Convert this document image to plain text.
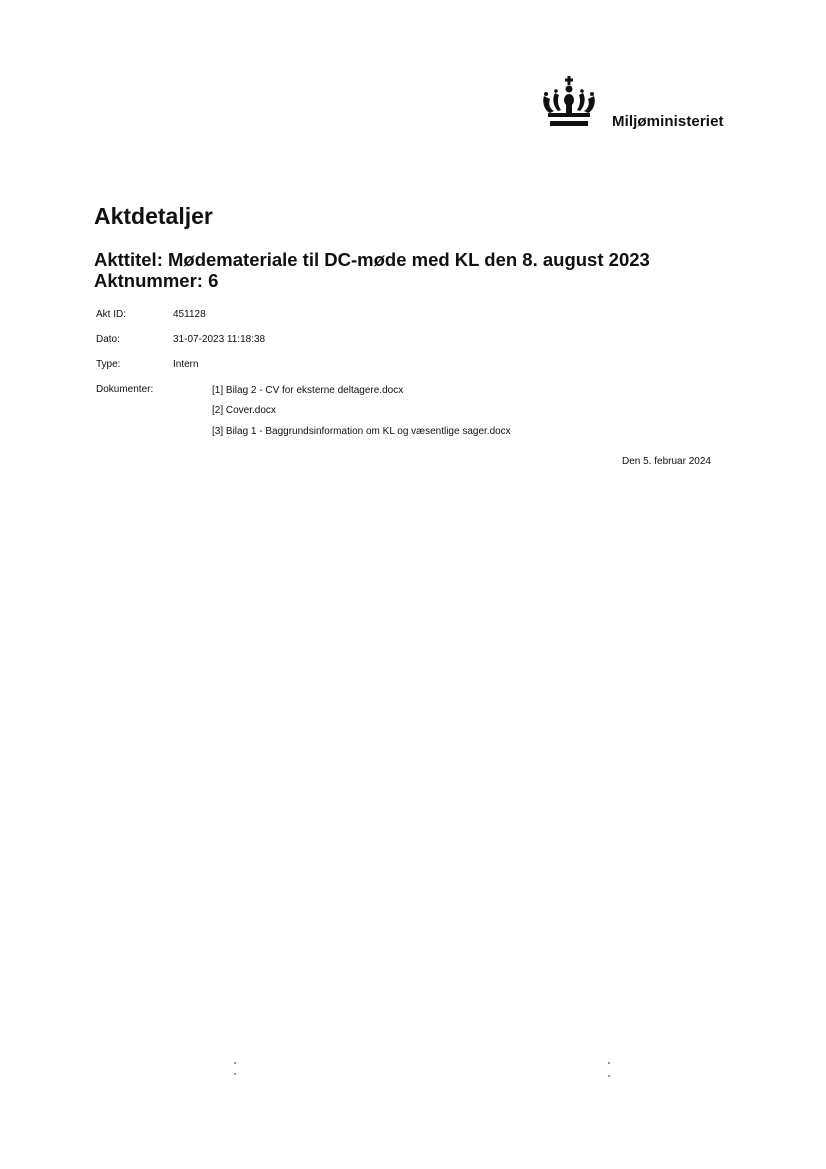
Miljøministeriet
Aktdetaljer
Akttitel: Mødemateriale til DC-møde med KL den 8. august 2023
Aktnummer: 6
Akt ID:	451128
Dato:	31-07-2023 11:18:38
Type:	Intern
Dokumenter:	[1] Bilag 2 - CV for eksterne deltagere.docx
[2] Cover.docx
[3] Bilag 1 - Baggrundsinformation om KL og væsentlige sager.docx
Den 5. februar 2024
